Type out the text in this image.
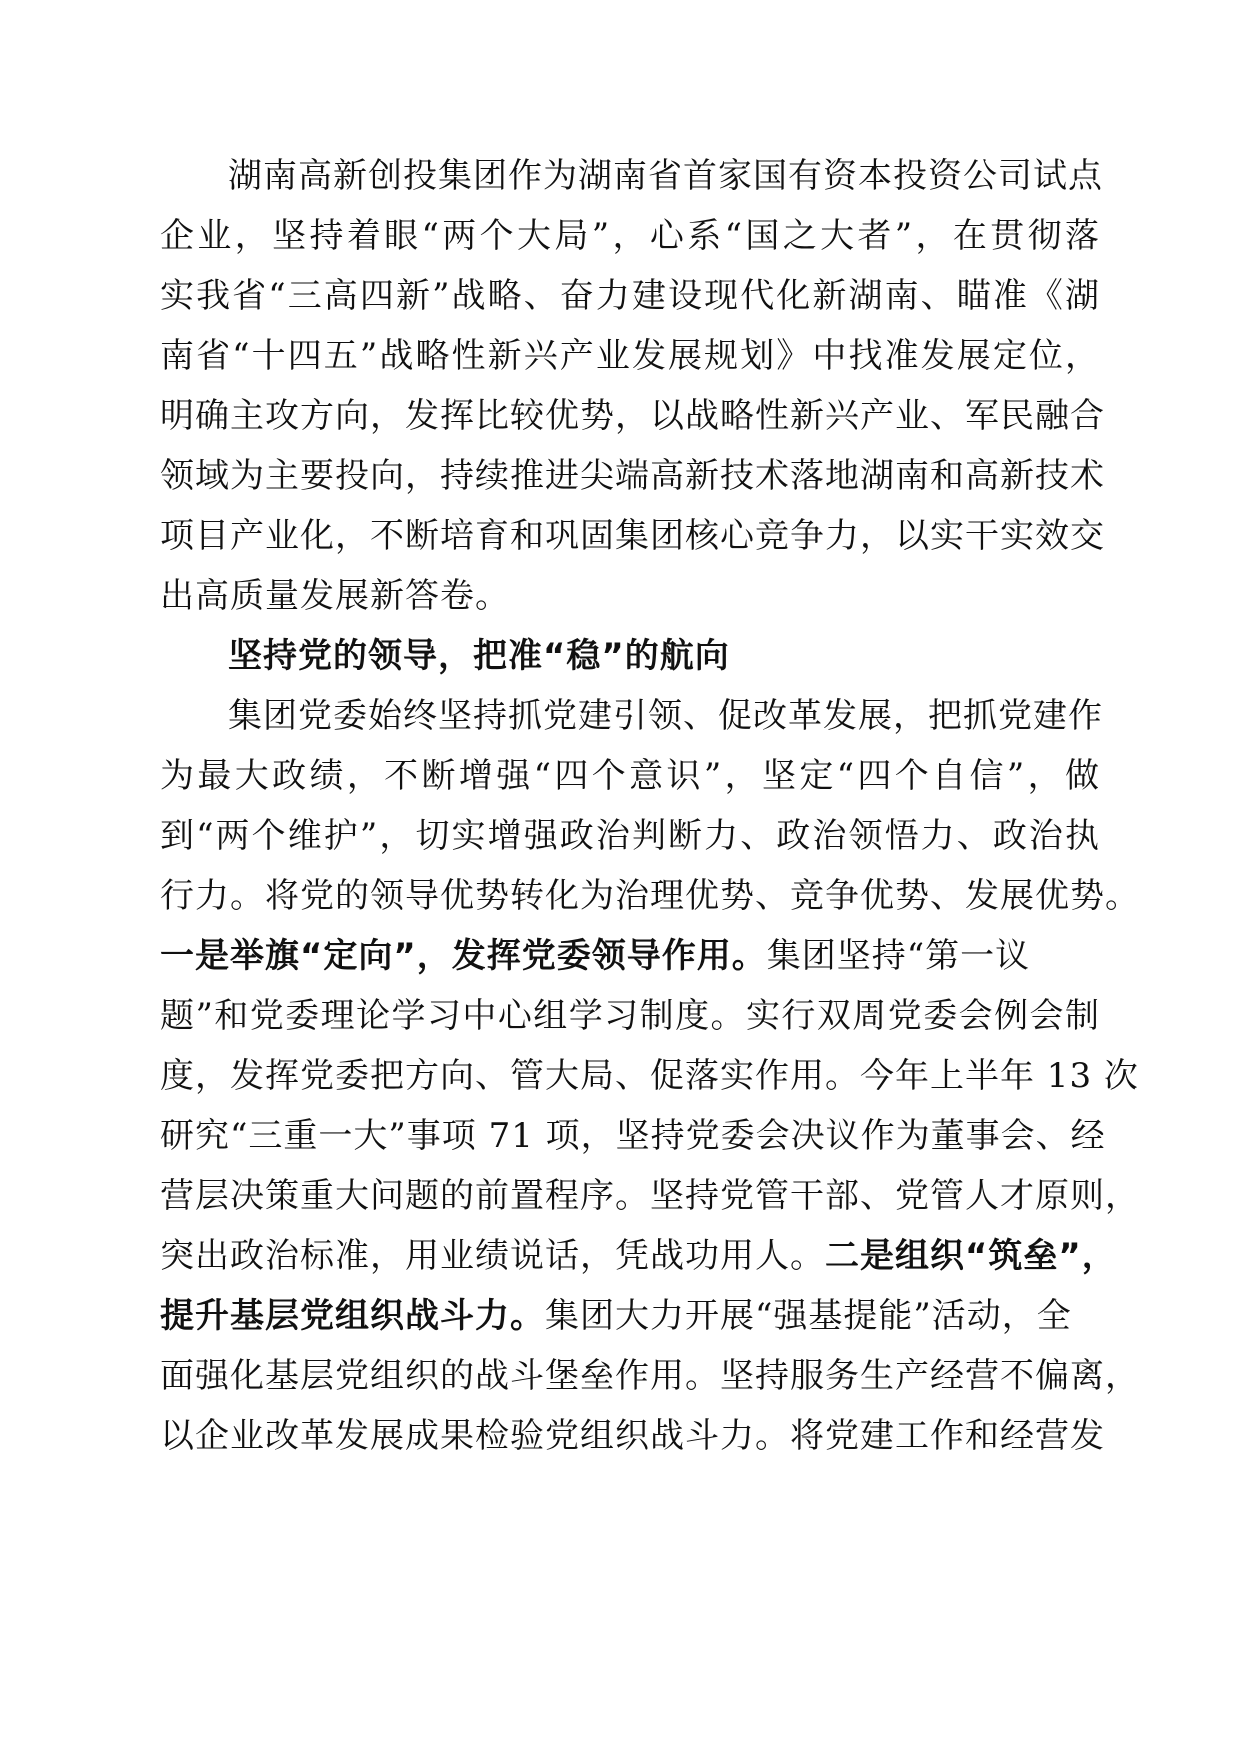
湖南高新创投集团作为湖南省首家国有资本投资公司试点
企业，坚持着眼“两个大局”，心系“国之大者”，在贯彻落
实我省“三高四新”战略、奋力建设现代化新湖南、瞄准《湖
南省“十四五”战略性新兴产业发展规划》中找准发展定位，
明确主攻方向，发挥比较优势，以战略性新兴产业、军民融合
领域为主要投向，持续推进尖端高新技术落地湖南和高新技术
项目产业化，不断培育和巩固集团核心竞争力，以实干实效交
出高质量发展新答卷。
坚持党的领导，把准“稳”的航向
集团党委始终坚持抓党建引领、促改革发展，把抓党建作
为最大政绩，不断增强“四个意识”，坚定“四个自信”，做
到“两个维护”，切实增强政治判断力、政治领悟力、政治执
行力。将党的领导优势转化为治理优势、竞争优势、发展优势。
一是举旗“定向”，发挥党委领导作用。集团坚持“第一议
题”和党委理论学习中心组学习制度。实行双周党委会例会制
度，发挥党委把方向、管大局、促落实作用。今年上半年 13 次
研究“三重一大”事项 71 项，坚持党委会决议作为董事会、经
营层决策重大问题的前置程序。坚持党管干部、党管人才原则，
突出政治标准，用业绩说话，凭战功用人。二是组织“筑垒”，
提升基层党组织战斗力。集团大力开展“强基提能”活动，全
面强化基层党组织的战斗堡垒作用。坚持服务生产经营不偏离，
以企业改革发展成果检验党组织战斗力。将党建工作和经营发
